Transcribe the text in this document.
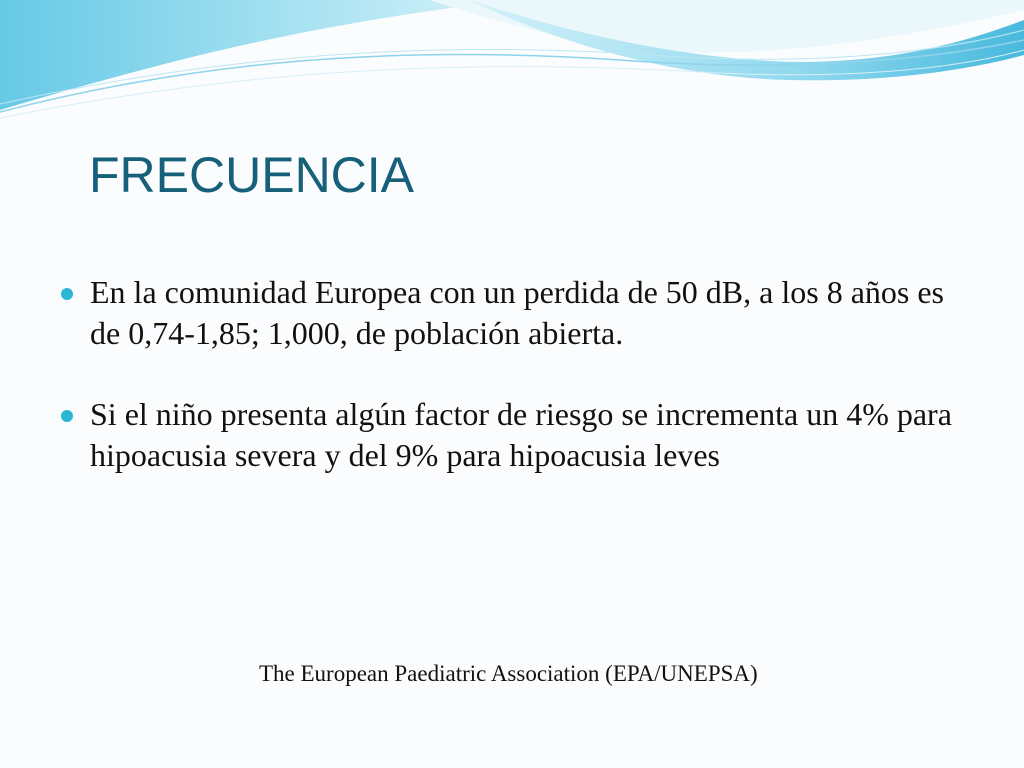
FRECUENCIA
En la comunidad Europea con un perdida de 50 dB, a los 8 años es de 0,74-1,85; 1,000, de población abierta.
Si el niño presenta algún factor de riesgo se incrementa un 4% para hipoacusia severa y del 9% para hipoacusia leves

The European Paediatric Association (EPA/UNEPSA)
